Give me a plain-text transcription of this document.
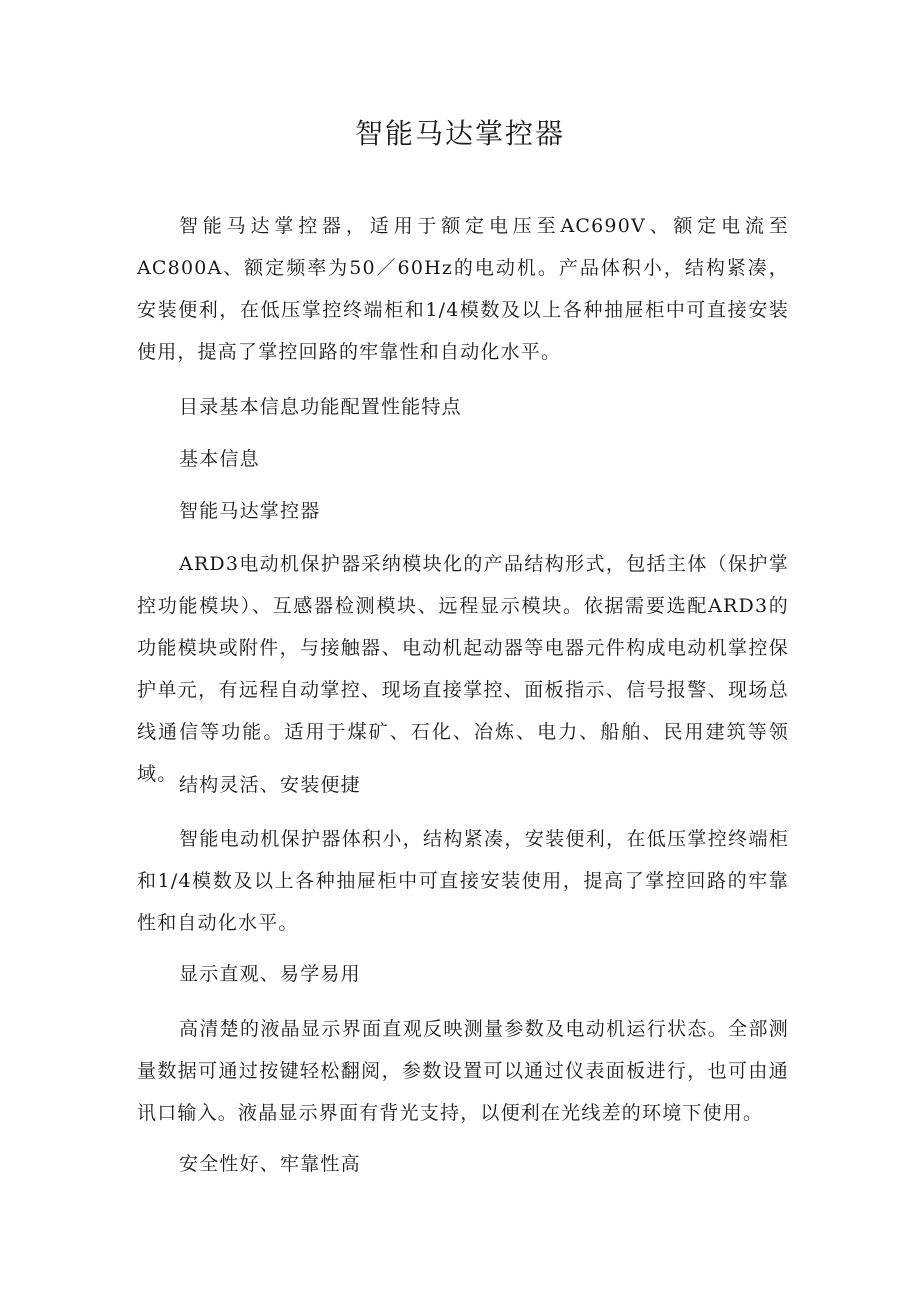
智能马达掌控器

智能马达掌控器，适用于额定电压至AC690V、额定电流至AC800A、额定频率为50／60Hz的电动机。产品体积小，结构紧凑，安装便利，在低压掌控终端柜和1/4模数及以上各种抽屉柜中可直接安装使用，提高了掌控回路的牢靠性和自动化水平。

目录基本信息功能配置性能特点

基本信息

智能马达掌控器

ARD3电动机保护器采纳模块化的产品结构形式，包括主体（保护掌控功能模块）、互感器检测模块、远程显示模块。依据需要选配ARD3的功能模块或附件，与接触器、电动机起动器等电器元件构成电动机掌控保护单元，有远程自动掌控、现场直接掌控、面板指示、信号报警、现场总线通信等功能。适用于煤矿、石化、冶炼、电力、船舶、民用建筑等领域。 结构灵活、安装便捷

智能电动机保护器体积小，结构紧凑，安装便利，在低压掌控终端柜和1/4模数及以上各种抽屉柜中可直接安装使用，提高了掌控回路的牢靠性和自动化水平。

显示直观、易学易用

高清楚的液晶显示界面直观反映测量参数及电动机运行状态。全部测量数据可通过按键轻松翻阅，参数设置可以通过仪表面板进行，也可由通讯口输入。液晶显示界面有背光支持，以便利在光线差的环境下使用。

安全性好、牢靠性高
